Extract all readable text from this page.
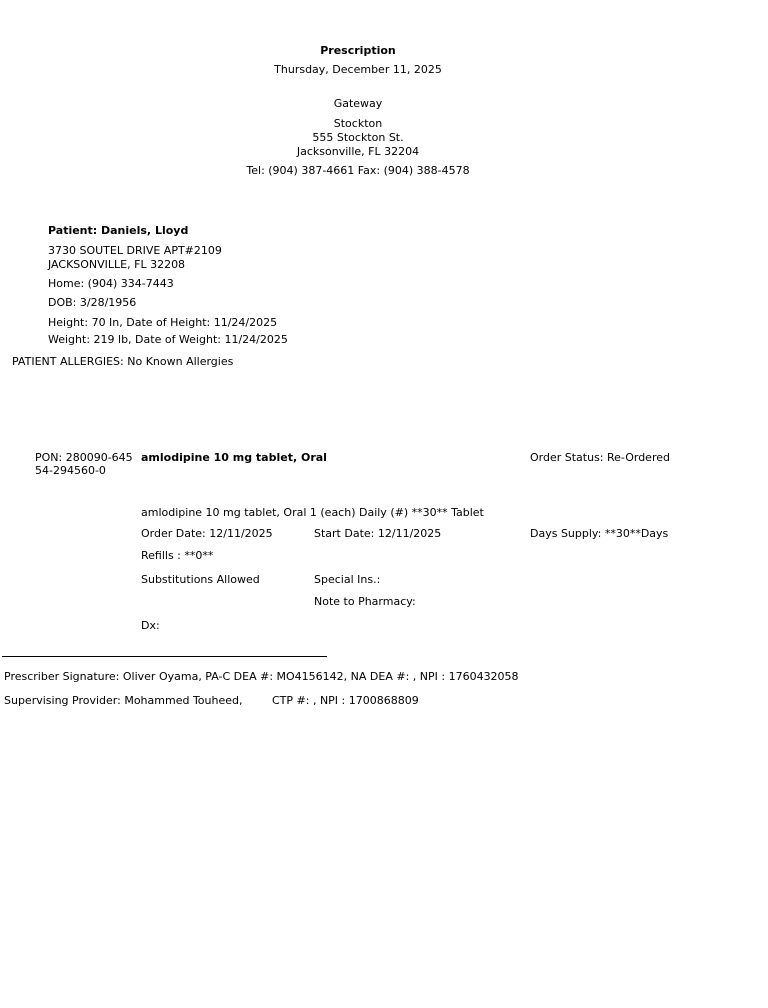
Prescription
Thursday, December 11, 2025
Gateway
Stockton
555 Stockton St.
Jacksonville, FL 32204
Tel: (904) 387-4661 Fax: (904) 388-4578
Patient: Daniels, Lloyd
3730 SOUTEL DRIVE APT#2109
JACKSONVILLE, FL 32208
Home: (904) 334-7443
DOB: 3/28/1956
Height: 70 In, Date of Height: 11/24/2025
Weight: 219 lb, Date of Weight: 11/24/2025
PATIENT ALLERGIES: No Known Allergies
PON: 280090-64554-294560-0
amlodipine 10 mg tablet, Oral	Order Status: Re-Ordered
amlodipine 10 mg tablet, Oral 1 (each) Daily (#) **30** Tablet
Order Date: 12/11/2025	Start Date: 12/11/2025	Days Supply: **30**Days
Refills : **0**
Substitutions Allowed	Special Ins.:
Note to Pharmacy:
Dx:
Prescriber Signature: Oliver Oyama, PA-C DEA #: MO4156142, NA DEA #: , NPI : 1760432058
Supervising Provider: Mohammed Touheed,	CTP #: , NPI : 1700868809
